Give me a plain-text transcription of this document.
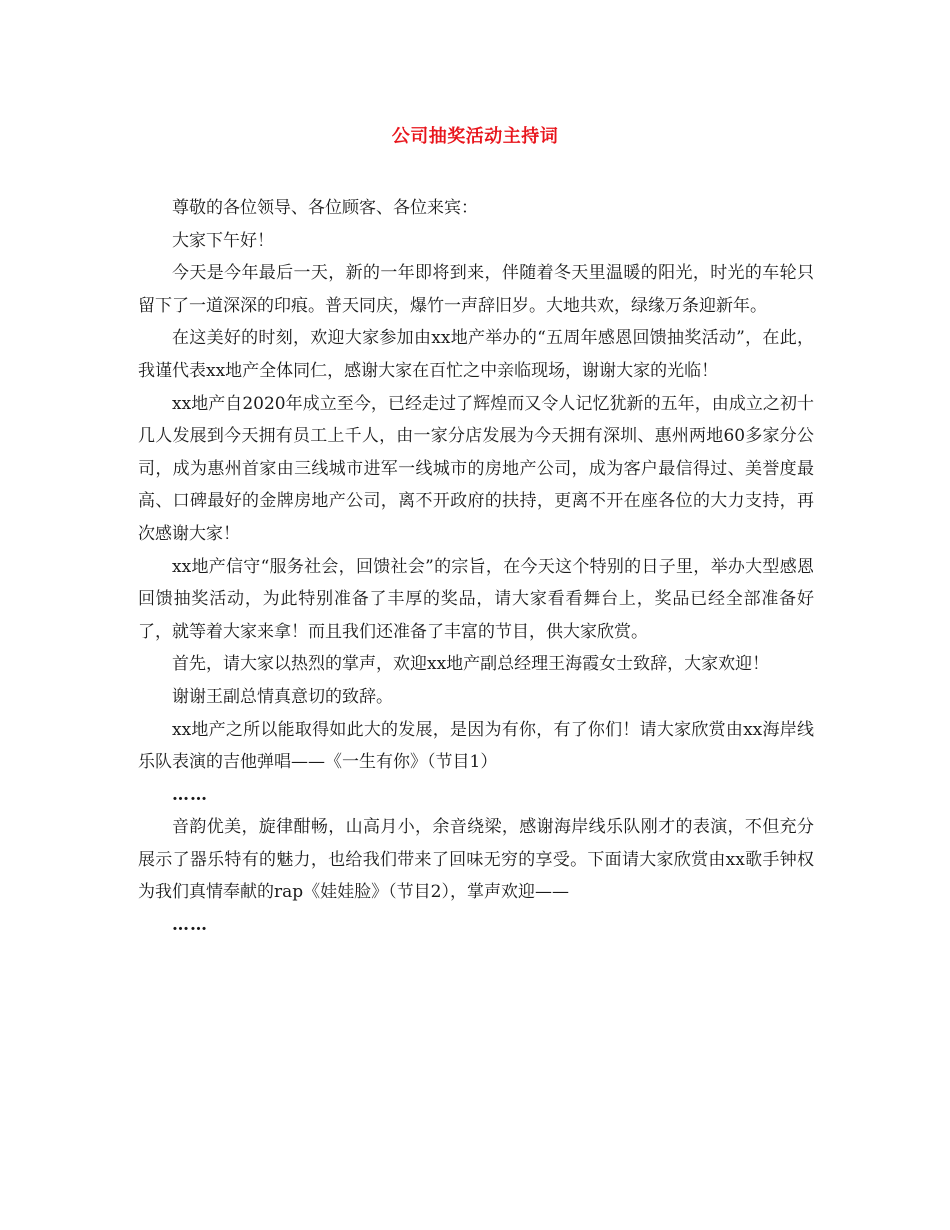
公司抽奖活动主持词

尊敬的各位领导、各位顾客、各位来宾：

大家下午好！

今天是今年最后一天，新的一年即将到来，伴随着冬天里温暖的阳光，时光的车轮只留下了一道深深的印痕。普天同庆，爆竹一声辞旧岁。大地共欢，绿缘万条迎新年。

在这美好的时刻，欢迎大家参加由xx地产举办的“五周年感恩回馈抽奖活动”，在此，我谨代表xx地产全体同仁，感谢大家在百忙之中亲临现场，谢谢大家的光临！

xx地产自2020年成立至今，已经走过了辉煌而又令人记忆犹新的五年，由成立之初十几人发展到今天拥有员工上千人，由一家分店发展为今天拥有深圳、惠州两地60多家分公司，成为惠州首家由三线城市进军一线城市的房地产公司，成为客户最信得过、美誉度最高、口碑最好的金牌房地产公司，离不开政府的扶持，更离不开在座各位的大力支持，再次感谢大家！

xx地产信守“服务社会，回馈社会”的宗旨，在今天这个特别的日子里，举办大型感恩回馈抽奖活动，为此特别准备了丰厚的奖品，请大家看看舞台上，奖品已经全部准备好了，就等着大家来拿！而且我们还准备了丰富的节目，供大家欣赏。

首先，请大家以热烈的掌声，欢迎xx地产副总经理王海霞女士致辞，大家欢迎！

谢谢王副总情真意切的致辞。

xx地产之所以能取得如此大的发展，是因为有你，有了你们！请大家欣赏由xx海岸线乐队表演的吉他弹唱——《一生有你》（节目1）

……

音韵优美，旋律酣畅，山高月小，余音绕梁，感谢海岸线乐队刚才的表演，不但充分展示了器乐特有的魅力，也给我们带来了回味无穷的享受。下面请大家欣赏由xx歌手钟权为我们真情奉献的rap《娃娃脸》（节目2），掌声欢迎——

……
